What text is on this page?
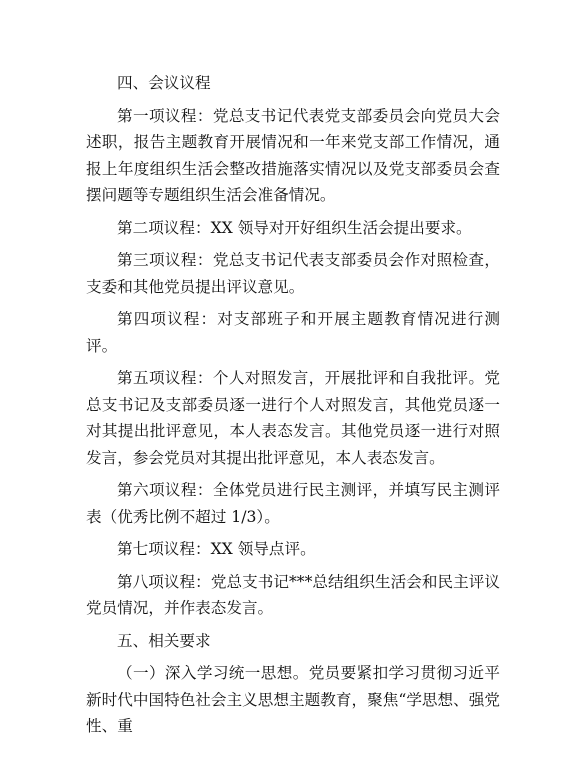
四、会议议程

第一项议程：党总支书记代表党支部委员会向党员大会述职，报告主题教育开展情况和一年来党支部工作情况，通报上年度组织生活会整改措施落实情况以及党支部委员会查摆问题等专题组织生活会准备情况。

第二项议程：XX 领导对开好组织生活会提出要求。

第三项议程：党总支书记代表支部委员会作对照检查，支委和其他党员提出评议意见。

第四项议程：对支部班子和开展主题教育情况进行测评。

第五项议程：个人对照发言，开展批评和自我批评。党总支书记及支部委员逐一进行个人对照发言，其他党员逐一对其提出批评意见，本人表态发言。其他党员逐一进行对照发言，参会党员对其提出批评意见，本人表态发言。

第六项议程：全体党员进行民主测评，并填写民主测评表（优秀比例不超过 1/3）。

第七项议程：XX 领导点评。

第八项议程：党总支书记***总结组织生活会和民主评议党员情况，并作表态发言。

五、相关要求

（一）深入学习统一思想。党员要紧扣学习贯彻习近平新时代中国特色社会主义思想主题教育，聚焦“学思想、强党性、重
